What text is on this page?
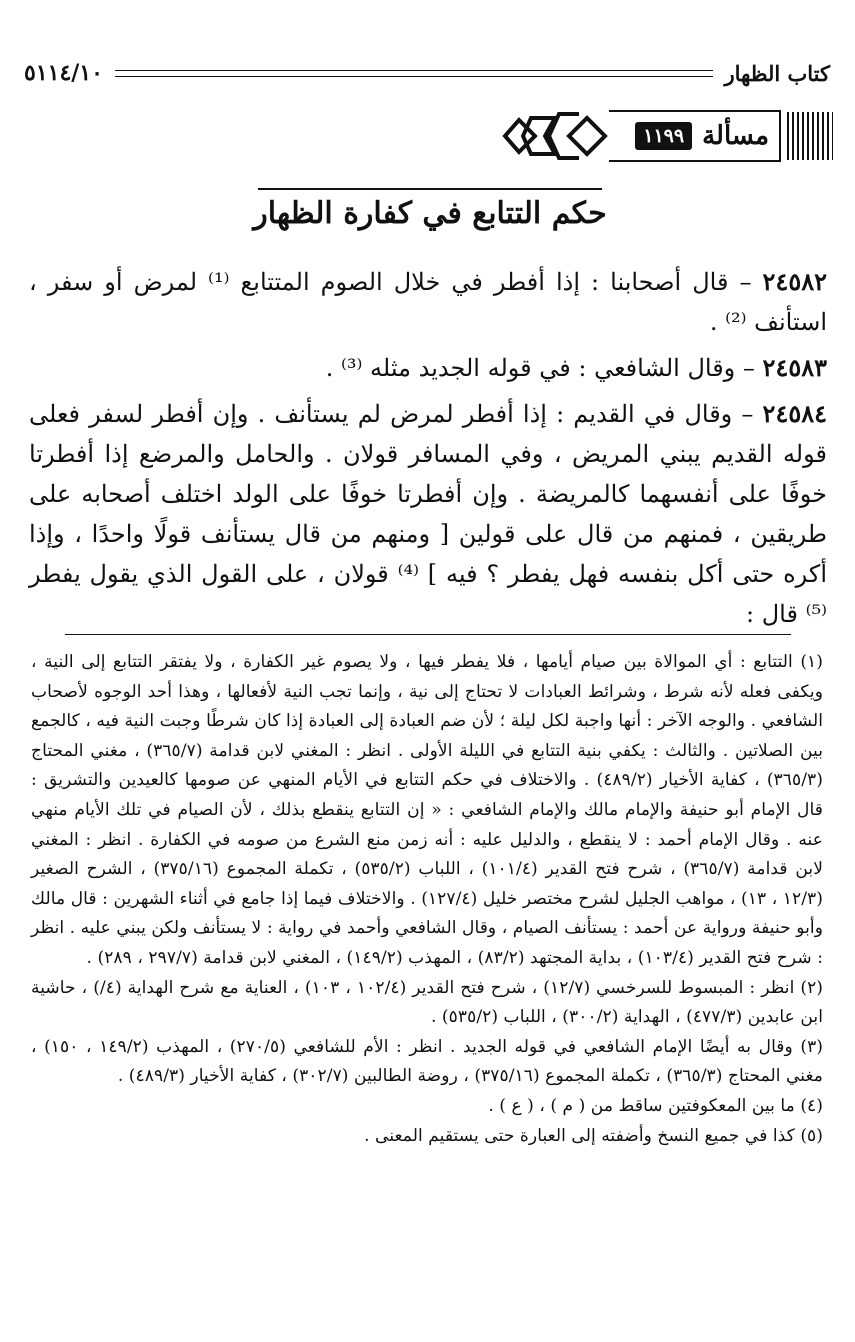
كتاب الظهار
٥١١٤/١٠
مسألة
١١٩٩
حكم التتابع في كفارة الظهار

٢٤٥٨٢ – قال أصحابنا : إذا أفطر في خلال الصوم المتتابع ⁽¹⁾ لمرض أو سفر ، استأنف ⁽²⁾ .

٢٤٥٨٣ – وقال الشافعي : في قوله الجديد مثله ⁽³⁾ .

٢٤٥٨٤ – وقال في القديم : إذا أفطر لمرض لم يستأنف . وإن أفطر لسفر فعلى قوله القديم يبني المريض ، وفي المسافر قولان . والحامل والمرضع إذا أفطرتا خوفًا على أنفسهما كالمريضة . وإن أفطرتا خوفًا على الولد اختلف أصحابه على طريقين ، فمنهم من قال على قولين [ ومنهم من قال يستأنف قولًا واحدًا ، وإذا أكره حتى أكل بنفسه فهل يفطر ؟ فيه ] ⁽⁴⁾ قولان ، على القول الذي يقول يفطر ⁽⁵⁾ قال :

(١) التتابع : أي الموالاة بين صيام أيامها ، فلا يفطر فيها ، ولا يصوم غير الكفارة ، ولا يفتقر التتابع إلى النية ، ويكفى فعله لأنه شرط ، وشرائط العبادات لا تحتاج إلى نية ، وإنما تجب النية لأفعالها ، وهذا أحد الوجوه لأصحاب الشافعي . والوجه الآخر : أنها واجبة لكل ليلة ؛ لأن ضم العبادة إلى العبادة إذا كان شرطًا وجبت النية فيه ، كالجمع بين الصلاتين . والثالث : يكفي بنية التتابع في الليلة الأولى . انظر : المغني لابن قدامة (٣٦٥/٧) ، مغني المحتاج (٣٦٥/٣) ، كفاية الأخيار (٤٨٩/٢) . والاختلاف في حكم التتابع في الأيام المنهي عن صومها كالعيدين والتشريق : قال الإمام أبو حنيفة والإمام مالك والإمام الشافعي : « إن التتابع ينقطع بذلك ، لأن الصيام في تلك الأيام منهي عنه . وقال الإمام أحمد : لا ينقطع ، والدليل عليه : أنه زمن منع الشرع من صومه في الكفارة . انظر : المغني لابن قدامة (٣٦٥/٧) ، شرح فتح القدير (١٠١/٤) ، اللباب (٥٣٥/٢) ، تكملة المجموع (٣٧٥/١٦) ، الشرح الصغير (١٢/٣ ، ١٣) ، مواهب الجليل لشرح مختصر خليل (١٢٧/٤) . والاختلاف فيما إذا جامع في أثناء الشهرين : قال مالك وأبو حنيفة ورواية عن أحمد : يستأنف الصيام ، وقال الشافعي وأحمد في رواية : لا يستأنف ولكن يبني عليه . انظر : شرح فتح القدير (١٠٣/٤) ، بداية المجتهد (٨٣/٢) ، المهذب (١٤٩/٢) ، المغني لابن قدامة (٢٩٧/٧ ، ٢٨٩) .

(٢) انظر : المبسوط للسرخسي (١٢/٧) ، شرح فتح القدير (١٠٢/٤ ، ١٠٣) ، العناية مع شرح الهداية (٤/) ، حاشية ابن عابدين (٤٧٧/٣) ، الهداية (٣٠٠/٢) ، اللباب (٥٣٥/٢) .

(٣) وقال به أيضًا الإمام الشافعي في قوله الجديد . انظر : الأم للشافعي (٢٧٠/٥) ، المهذب (١٤٩/٢ ، ١٥٠) ، مغني المحتاج (٣٦٥/٣) ، تكملة المجموع (٣٧٥/١٦) ، روضة الطالبين (٣٠٢/٧) ، كفاية الأخيار (٤٨٩/٣) .

(٤) ما بين المعكوفتين ساقط من ( م ) ، ( ع ) .

(٥) كذا في جميع النسخ وأضفته إلى العبارة حتى يستقيم المعنى .
